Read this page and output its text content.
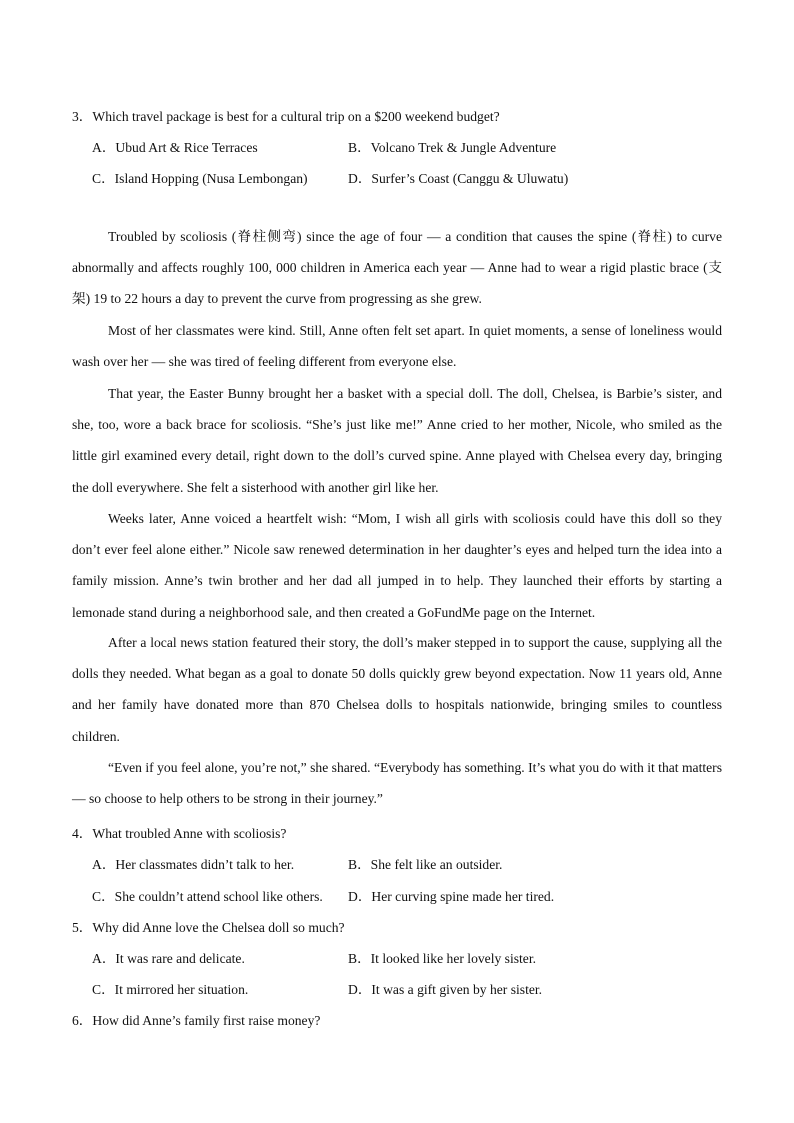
3．Which travel package is best for a cultural trip on a $200 weekend budget?
A．Ubud Art & Rice Terraces	B．Volcano Trek & Jungle Adventure
C．Island Hopping (Nusa Lembongan)	D．Surfer’s Coast (Canggu & Uluwatu)
Troubled by scoliosis (脊柱侧弯) since the age of four — a condition that causes the spine (脊柱) to curve abnormally and affects roughly 100, 000 children in America each year — Anne had to wear a rigid plastic brace (支架) 19 to 22 hours a day to prevent the curve from progressing as she grew.
Most of her classmates were kind. Still, Anne often felt set apart. In quiet moments, a sense of loneliness would wash over her — she was tired of feeling different from everyone else.
That year, the Easter Bunny brought her a basket with a special doll. The doll, Chelsea, is Barbie’s sister, and she, too, wore a back brace for scoliosis. “She’s just like me!” Anne cried to her mother, Nicole, who smiled as the little girl examined every detail, right down to the doll’s curved spine. Anne played with Chelsea every day, bringing the doll everywhere. She felt a sisterhood with another girl like her.
Weeks later, Anne voiced a heartfelt wish: “Mom, I wish all girls with scoliosis could have this doll so they don’t ever feel alone either.” Nicole saw renewed determination in her daughter’s eyes and helped turn the idea into a family mission. Anne’s twin brother and her dad all jumped in to help. They launched their efforts by starting a lemonade stand during a neighborhood sale, and then created a GoFundMe page on the Internet.
After a local news station featured their story, the doll’s maker stepped in to support the cause, supplying all the dolls they needed. What began as a goal to donate 50 dolls quickly grew beyond expectation. Now 11 years old, Anne and her family have donated more than 870 Chelsea dolls to hospitals nationwide, bringing smiles to countless children.
“Even if you feel alone, you’re not,” she shared. “Everybody has something. It’s what you do with it that matters — so choose to help others to be strong in their journey.”
4．What troubled Anne with scoliosis?
A．Her classmates didn’t talk to her.	B．She felt like an outsider.
C．She couldn’t attend school like others. D．Her curving spine made her tired.
5．Why did Anne love the Chelsea doll so much?
A．It was rare and delicate.	B．It looked like her lovely sister.
C．It mirrored her situation.	D．It was a gift given by her sister.
6．How did Anne’s family first raise money?
